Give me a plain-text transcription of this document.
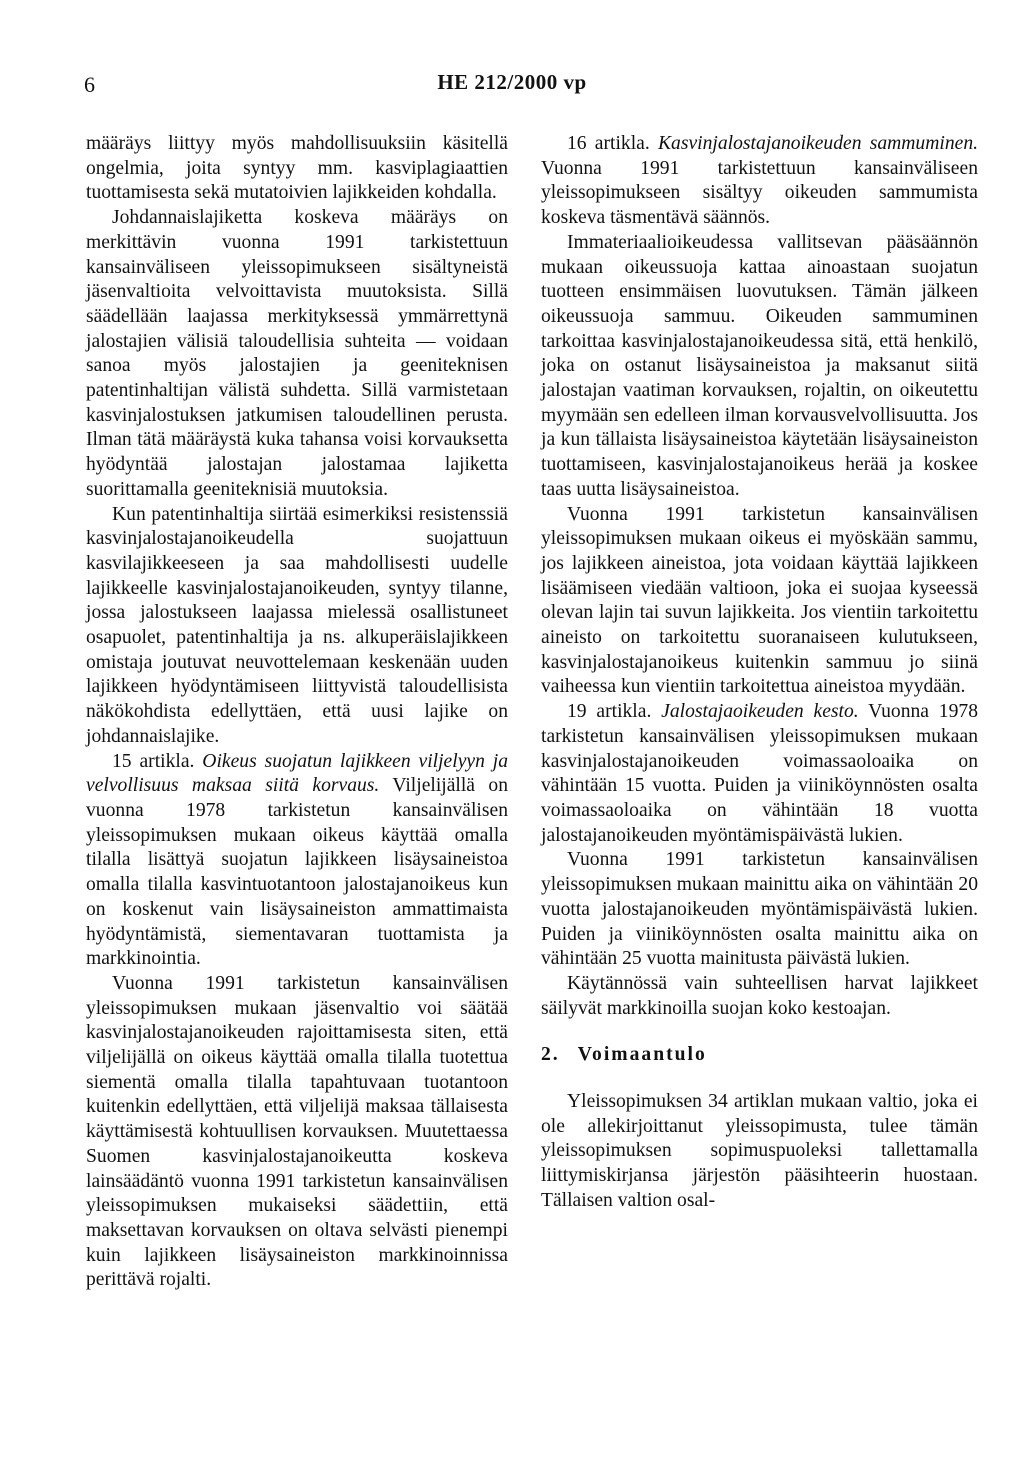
6	HE 212/2000 vp

määräys liittyy myös mahdollisuuksiin käsitellä ongelmia, joita syntyy mm. kasviplagiaattien tuottamisesta sekä mutatoivien lajikkeiden kohdalla.

Johdannaislajiketta koskeva määräys on merkittävin vuonna 1991 tarkistettuun kansainväliseen yleissopimukseen sisältyneistä jäsenvaltioita velvoittavista muutoksista. Sillä säädellään laajassa merkityksessä ymmärrettynä jalostajien välisiä taloudellisia suhteita — voidaan sanoa myös jalostajien ja geeniteknisen patentinhaltijan välistä suhdetta. Sillä varmistetaan kasvinjalostuksen jatkumisen taloudellinen perusta. Ilman tätä määräystä kuka tahansa voisi korvauksetta hyödyntää jalostajan jalostamaa lajiketta suorittamalla geeniteknisiä muutoksia.

Kun patentinhaltija siirtää esimerkiksi resistenssiä kasvinjalostajanoikeudella suojattuun kasvilajikkeeseen ja saa mahdollisesti uudelle lajikkeelle kasvinjalostajanoikeuden, syntyy tilanne, jossa jalostukseen laajassa mielessä osallistuneet osapuolet, patentinhaltija ja ns. alkuperäislajikkeen omistaja joutuvat neuvottelemaan keskenään uuden lajikkeen hyödyntämiseen liittyvistä taloudellisista näkökohdista edellyttäen, että uusi lajike on johdannaislajike.

15 artikla. Oikeus suojatun lajikkeen viljelyyn ja velvollisuus maksaa siitä korvaus. Viljelijällä on vuonna 1978 tarkistetun kansainvälisen yleissopimuksen mukaan oikeus käyttää omalla tilalla lisättyä suojatun lajikkeen lisäysaineistoa omalla tilalla kasvintuotantoon jalostajanoikeus kun on koskenut vain lisäysaineiston ammattimaista hyödyntämistä, siementavaran tuottamista ja markkinointia.

Vuonna 1991 tarkistetun kansainvälisen yleissopimuksen mukaan jäsenvaltio voi säätää kasvinjalostajanoikeuden rajoittamisesta siten, että viljelijällä on oikeus käyttää omalla tilalla tuotettua siementä omalla tilalla tapahtuvaan tuotantoon kuitenkin edellyttäen, että viljelijä maksaa tällaisesta käyttämisestä kohtuullisen korvauksen. Muutettaessa Suomen kasvinjalostajanoikeutta koskeva lainsäädäntö vuonna 1991 tarkistetun kansainvälisen yleissopimuksen mukaiseksi säädettiin, että maksettavan korvauksen on oltava selvästi pienempi kuin lajikkeen lisäysaineiston markkinoinnissa perittävä rojalti.

16 artikla. Kasvinjalostajanoikeuden sammuminen. Vuonna 1991 tarkistettuun kansainväliseen yleissopimukseen sisältyy oikeuden sammumista koskeva täsmentävä säännös.

Immateriaalioikeudessa vallitsevan pääsäännön mukaan oikeussuoja kattaa ainoastaan suojatun tuotteen ensimmäisen luovutuksen. Tämän jälkeen oikeussuoja sammuu. Oikeuden sammuminen tarkoittaa kasvinjalostajanoikeudessa sitä, että henkilö, joka on ostanut lisäysaineistoa ja maksanut siitä jalostajan vaatiman korvauksen, rojaltin, on oikeutettu myymään sen edelleen ilman korvausvelvollisuutta. Jos ja kun tällaista lisäysaineistoa käytetään lisäysaineiston tuottamiseen, kasvinjalostajanoikeus herää ja koskee taas uutta lisäysaineistoa.

Vuonna 1991 tarkistetun kansainvälisen yleissopimuksen mukaan oikeus ei myöskään sammu, jos lajikkeen aineistoa, jota voidaan käyttää lajikkeen lisäämiseen viedään valtioon, joka ei suojaa kyseessä olevan lajin tai suvun lajikkeita. Jos vientiin tarkoitettu aineisto on tarkoitettu suoranaiseen kulutukseen, kasvinjalostajanoikeus kuitenkin sammuu jo siinä vaiheessa kun vientiin tarkoitettua aineistoa myydään.

19 artikla. Jalostajaoikeuden kesto. Vuonna 1978 tarkistetun kansainvälisen yleissopimuksen mukaan kasvinjalostajanoikeuden voimassaoloaika on vähintään 15 vuotta. Puiden ja viiniköynnösten osalta voimassaoloaika on vähintään 18 vuotta jalostajanoikeuden myöntämispäivästä lukien.

Vuonna 1991 tarkistetun kansainvälisen yleissopimuksen mukaan mainittu aika on vähintään 20 vuotta jalostajanoikeuden myöntämispäivästä lukien. Puiden ja viiniköynnösten osalta mainittu aika on vähintään 25 vuotta mainitusta päivästä lukien.

Käytännössä vain suhteellisen harvat lajikkeet säilyvät markkinoilla suojan koko kestoajan.

2. Voimaantulo

Yleissopimuksen 34 artiklan mukaan valtio, joka ei ole allekirjoittanut yleissopimusta, tulee tämän yleissopimuksen sopimuspuoleksi tallettamalla liittymiskirjansa järjestön pääsihteerin huostaan. Tällaisen valtion osal-
